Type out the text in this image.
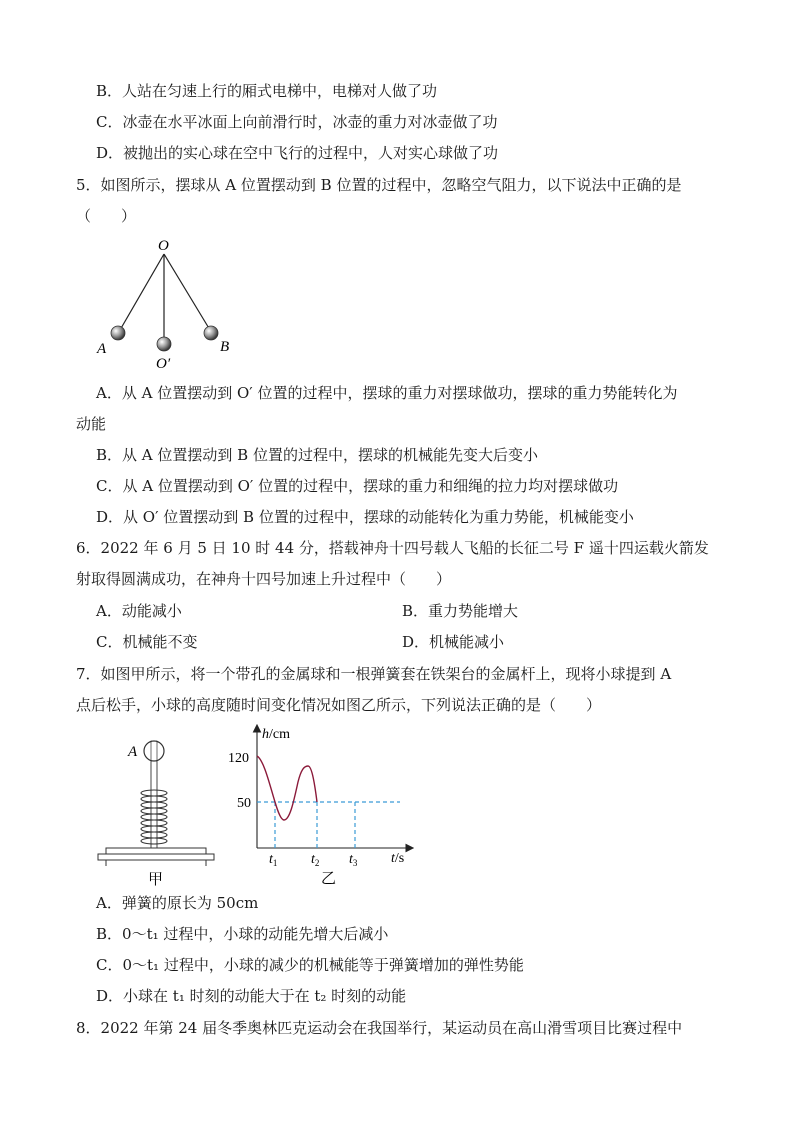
B．人站在匀速上行的厢式电梯中，电梯对人做了功
C．冰壶在水平冰面上向前滑行时，冰壶的重力对冰壶做了功
D．被抛出的实心球在空中飞行的过程中，人对实心球做了功
5．如图所示，摆球从 A 位置摆动到 B 位置的过程中，忽略空气阻力，以下说法中正确的是
（　　）
O
A	B
O′
A．从 A 位置摆动到 O′ 位置的过程中，摆球的重力对摆球做功，摆球的重力势能转化为
动能
B．从 A 位置摆动到 B 位置的过程中，摆球的机械能先变大后变小
C．从 A 位置摆动到 O′ 位置的过程中，摆球的重力和细绳的拉力均对摆球做功
D．从 O′ 位置摆动到 B 位置的过程中，摆球的动能转化为重力势能，机械能变小
6．2022 年 6 月 5 日 10 时 44 分，搭载神舟十四号载人飞船的长征二号 F 遥十四运载火箭发
射取得圆满成功，在神舟十四号加速上升过程中（　　）
A．动能减小	B．重力势能增大
C．机械能不变	D．机械能减小
7．如图甲所示，将一个带孔的金属球和一根弹簧套在铁架台的金属杆上，现将小球提到 A
点后松手，小球的高度随时间变化情况如图乙所示，下列说法正确的是（　　）
A
甲
h/cm
t/s
120
50
$t_1$ $t_2$ $t_3$
乙
A．弹簧的原长为 50cm
B．0～t₁ 过程中，小球的动能先增大后减小
C．0～t₁ 过程中，小球的减少的机械能等于弹簧增加的弹性势能
D．小球在 t₁ 时刻的动能大于在 t₂ 时刻的动能
8．2022 年第 24 届冬季奥林匹克运动会在我国举行，某运动员在高山滑雪项目比赛过程中
